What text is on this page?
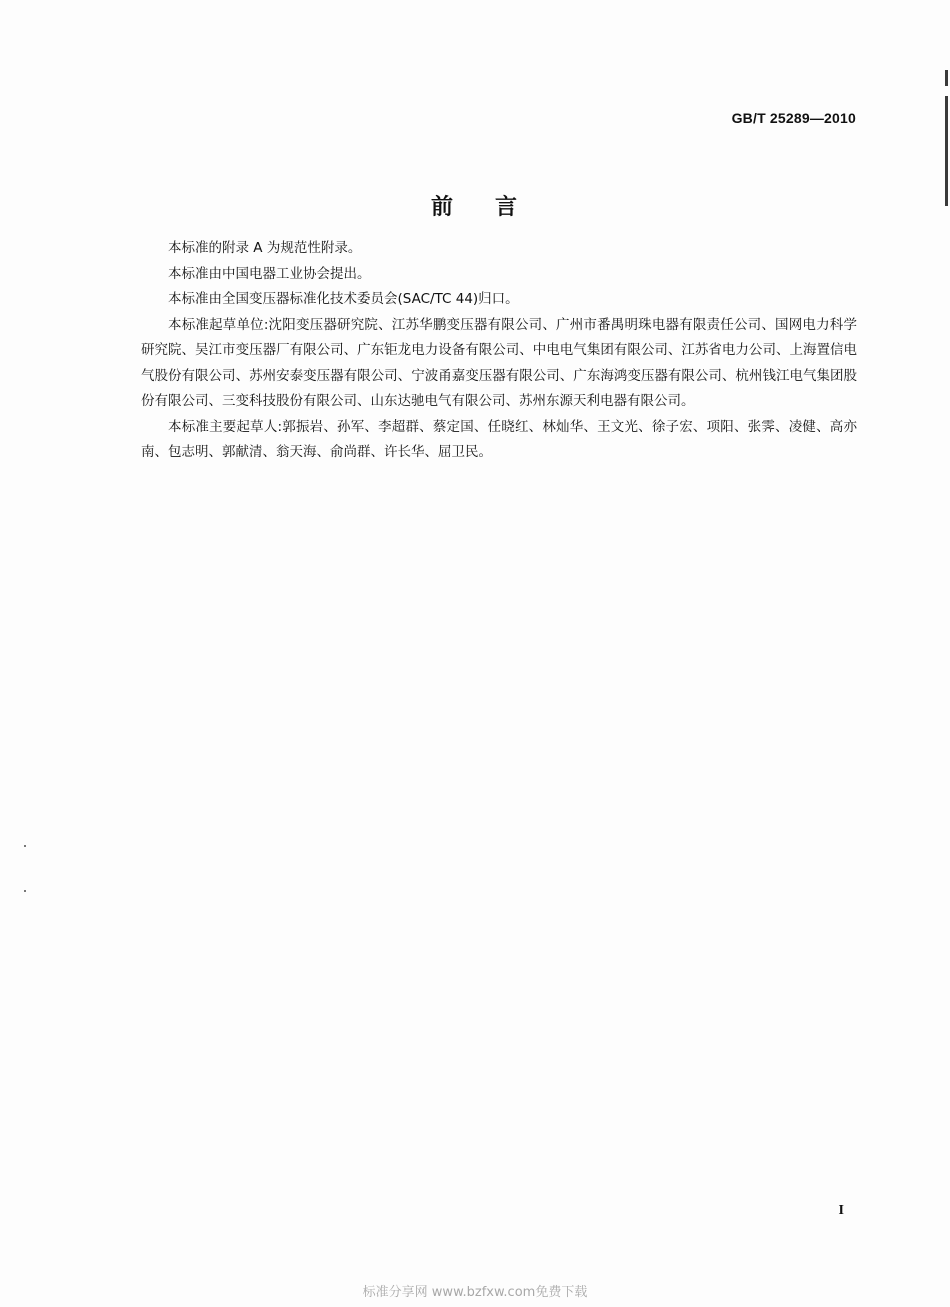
GB/T 25289—2010
前 言

本标准的附录 A 为规范性附录。

本标准由中国电器工业协会提出。

本标准由全国变压器标准化技术委员会(SAC/TC 44)归口。

本标准起草单位:沈阳变压器研究院、江苏华鹏变压器有限公司、广州市番禺明珠电器有限责任公司、国网电力科学研究院、吴江市变压器厂有限公司、广东钜龙电力设备有限公司、中电电气集团有限公司、江苏省电力公司、上海置信电气股份有限公司、苏州安泰变压器有限公司、宁波甬嘉变压器有限公司、广东海鸿变压器有限公司、杭州钱江电气集团股份有限公司、三变科技股份有限公司、山东达驰电气有限公司、苏州东源天利电器有限公司。

本标准主要起草人:郭振岩、孙军、李超群、蔡定国、任晓红、林灿华、王文光、徐子宏、项阳、张霁、凌健、高亦南、包志明、郭献清、翁天海、俞尚群、许长华、屈卫民。

I
标准分享网 www.bzfxw.com免费下载
